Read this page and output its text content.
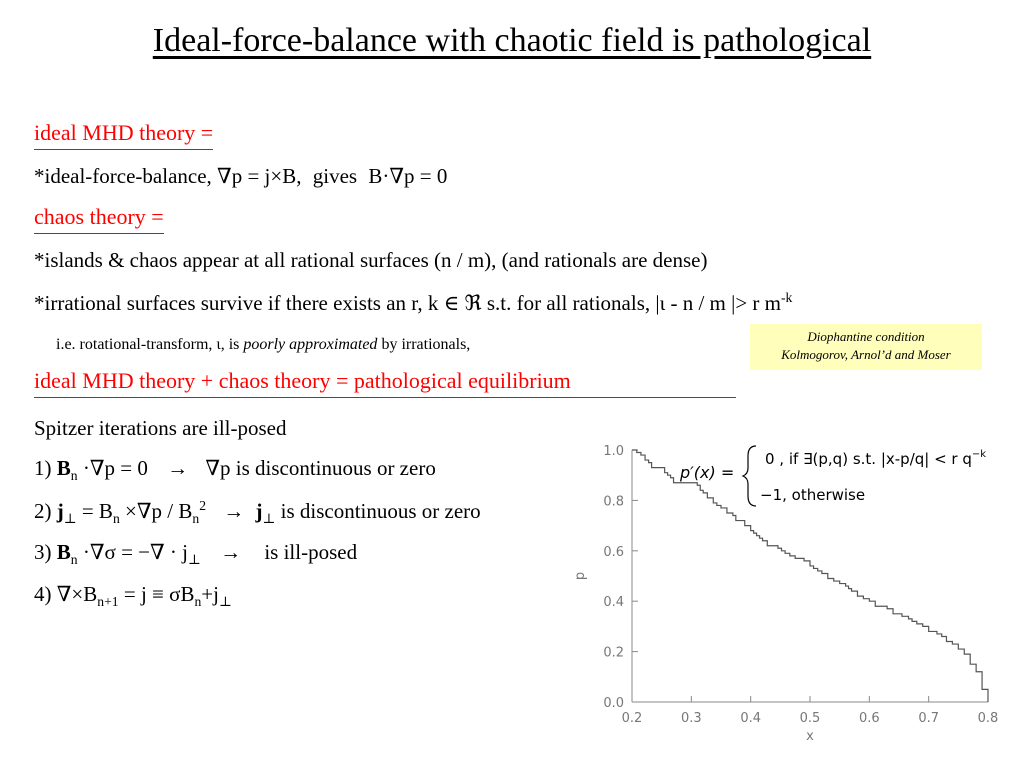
Ideal-force-balance with chaotic field is pathological
ideal MHD theory =
*ideal-force-balance, ∇p = j×B, gives B·∇p = 0
chaos theory =
*islands & chaos appear at all rational surfaces (n / m), (and rationals are dense)
*irrational surfaces survive if there exists an r, k ∈ ℜ s.t. for all rationals, |ι - n / m |> r $m^{-k}$
i.e. rotational-transform, ι, is poorly approximated by irrationals,	Diophantine condition
Kolmogorov, Arnol’d and Moser
ideal MHD theory + chaos theory = pathological equilibrium
Spitzer iterations are ill-posed
1) $B_n \cdot\nabla p = 0 \to \nabla p$ is discontinuous or zero
2) $j_\perp = B_n \times\nabla p / B_n^2 \to j_\perp$ is discontinuous or zero
3) $B_n \cdot\nabla\sigma$ = −∇ · $j_\perp$ → is ill-posed
4) $\nabla\times B_{n+1} = j \equiv \sigma B_n+j_\perp$
0.0
0.2
0.4
0.6
0.8
1.0
0.2	0.3	0.4	0.5	0.6	0.7	0.8
x
p
p′(x) =
0 , if ∃(p,q) s.t. |x-p/q| < r $q^{-k}$
−1, otherwise
